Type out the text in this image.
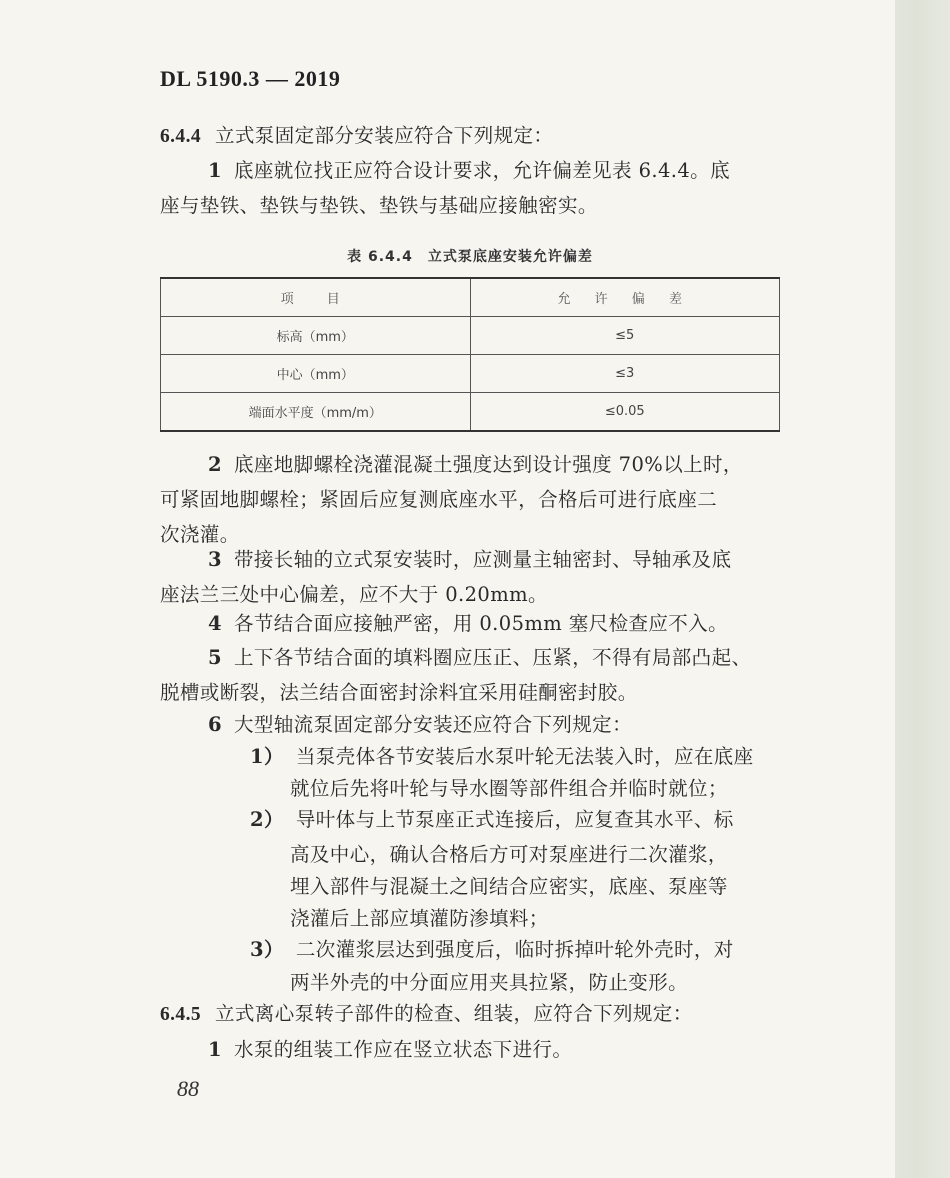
DL 5190.3 — 2019
6.4.4 立式泵固定部分安装应符合下列规定：
1 底座就位找正应符合设计要求，允许偏差见表 6.4.4。底
座与垫铁、垫铁与垫铁、垫铁与基础应接触密实。
表 6.4.4　立式泵底座安装允许偏差
项　目	允 许 偏 差
标高（mm）	≤5
中心（mm）	≤3
端面水平度（mm/m）	≤0.05
2 底座地脚螺栓浇灌混凝土强度达到设计强度 70%以上时，
可紧固地脚螺栓；紧固后应复测底座水平，合格后可进行底座二
次浇灌。
3 带接长轴的立式泵安装时，应测量主轴密封、导轴承及底
座法兰三处中心偏差，应不大于 0.20mm。
4 各节结合面应接触严密，用 0.05mm 塞尺检查应不入。
5 上下各节结合面的填料圈应压正、压紧，不得有局部凸起、
脱槽或断裂，法兰结合面密封涂料宜采用硅酮密封胶。
6 大型轴流泵固定部分安装还应符合下列规定：
1） 当泵壳体各节安装后水泵叶轮无法装入时，应在底座
就位后先将叶轮与导水圈等部件组合并临时就位；
2） 导叶体与上节泵座正式连接后，应复查其水平、标
高及中心，确认合格后方可对泵座进行二次灌浆，
埋入部件与混凝土之间结合应密实，底座、泵座等
浇灌后上部应填灌防渗填料；
3） 二次灌浆层达到强度后，临时拆掉叶轮外壳时，对
两半外壳的中分面应用夹具拉紧，防止变形。
6.4.5 立式离心泵转子部件的检查、组装，应符合下列规定：
1 水泵的组装工作应在竖立状态下进行。
88
